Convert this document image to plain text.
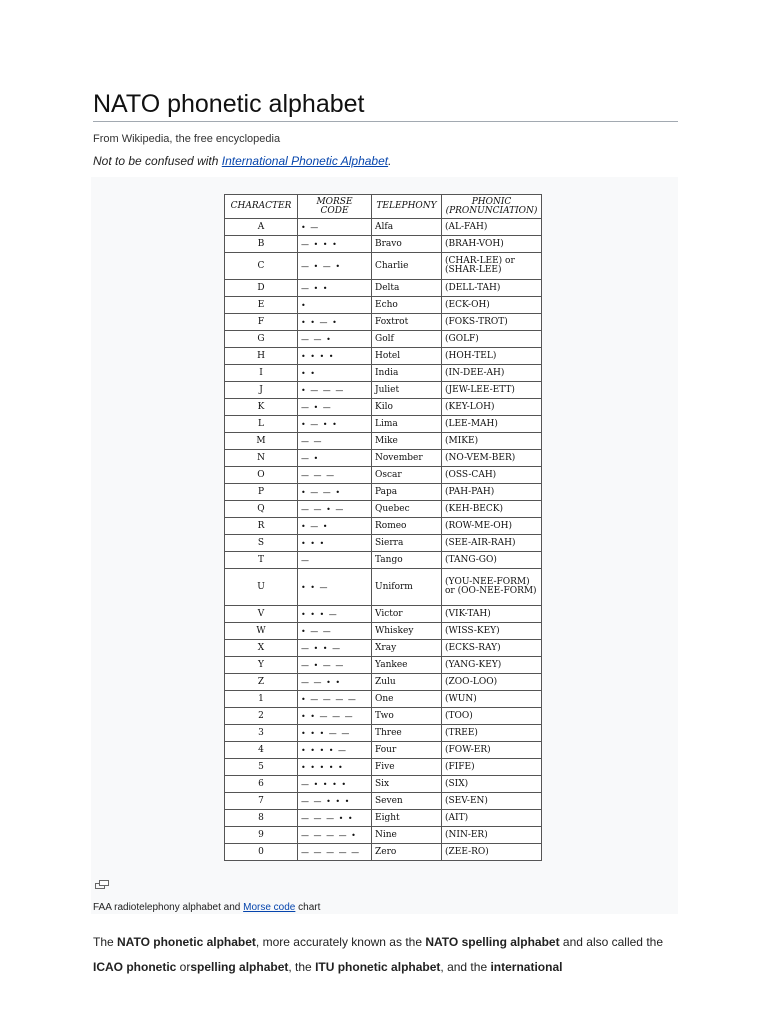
NATO phonetic alphabet
From Wikipedia, the free encyclopedia
Not to be confused with International Phonetic Alphabet.
CHARACTER	MORSE CODE	TELEPHONY	PHONIC (PRONUNCIATION)
A	• —	Alfa	(AL-FAH)
B	— • • •	Bravo	(BRAH-VOH)
C	— • — •	Charlie	(CHAR-LEE) or (SHAR-LEE)
D	— • •	Delta	(DELL-TAH)
E	•	Echo	(ECK-OH)
F	• • — •	Foxtrot	(FOKS-TROT)
G	— — •	Golf	(GOLF)
H	• • • •	Hotel	(HOH-TEL)
I	• •	India	(IN-DEE-AH)
J	• — — —	Juliet	(JEW-LEE-ETT)
K	— • —	Kilo	(KEY-LOH)
L	• — • •	Lima	(LEE-MAH)
M	— —	Mike	(MIKE)
N	— •	November	(NO-VEM-BER)
O	— — —	Oscar	(OSS-CAH)
P	• — — •	Papa	(PAH-PAH)
Q	— — • —	Quebec	(KEH-BECK)
R	• — •	Romeo	(ROW-ME-OH)
S	• • •	Sierra	(SEE-AIR-RAH)
T	—	Tango	(TANG-GO)
U	• • —	Uniform	(YOU-NEE-FORM) or (OO-NEE-FORM)
V	• • • —	Victor	(VIK-TAH)
W	• — —	Whiskey	(WISS-KEY)
X	— • • —	Xray	(ECKS-RAY)
Y	— • — —	Yankee	(YANG-KEY)
Z	— — • •	Zulu	(ZOO-LOO)
1	• — — — —	One	(WUN)
2	• • — — —	Two	(TOO)
3	• • • — —	Three	(TREE)
4	• • • • —	Four	(FOW-ER)
5	• • • • •	Five	(FIFE)
6	— • • • •	Six	(SIX)
7	— — • • •	Seven	(SEV-EN)
8	— — — • •	Eight	(AIT)
9	— — — — •	Nine	(NIN-ER)
0	— — — — —	Zero	(ZEE-RO)
FAA radiotelephony alphabet and Morse code chart
The NATO phonetic alphabet, more accurately known as the NATO spelling alphabet and also called the ICAO phonetic orspelling alphabet, the ITU phonetic alphabet, and the international
